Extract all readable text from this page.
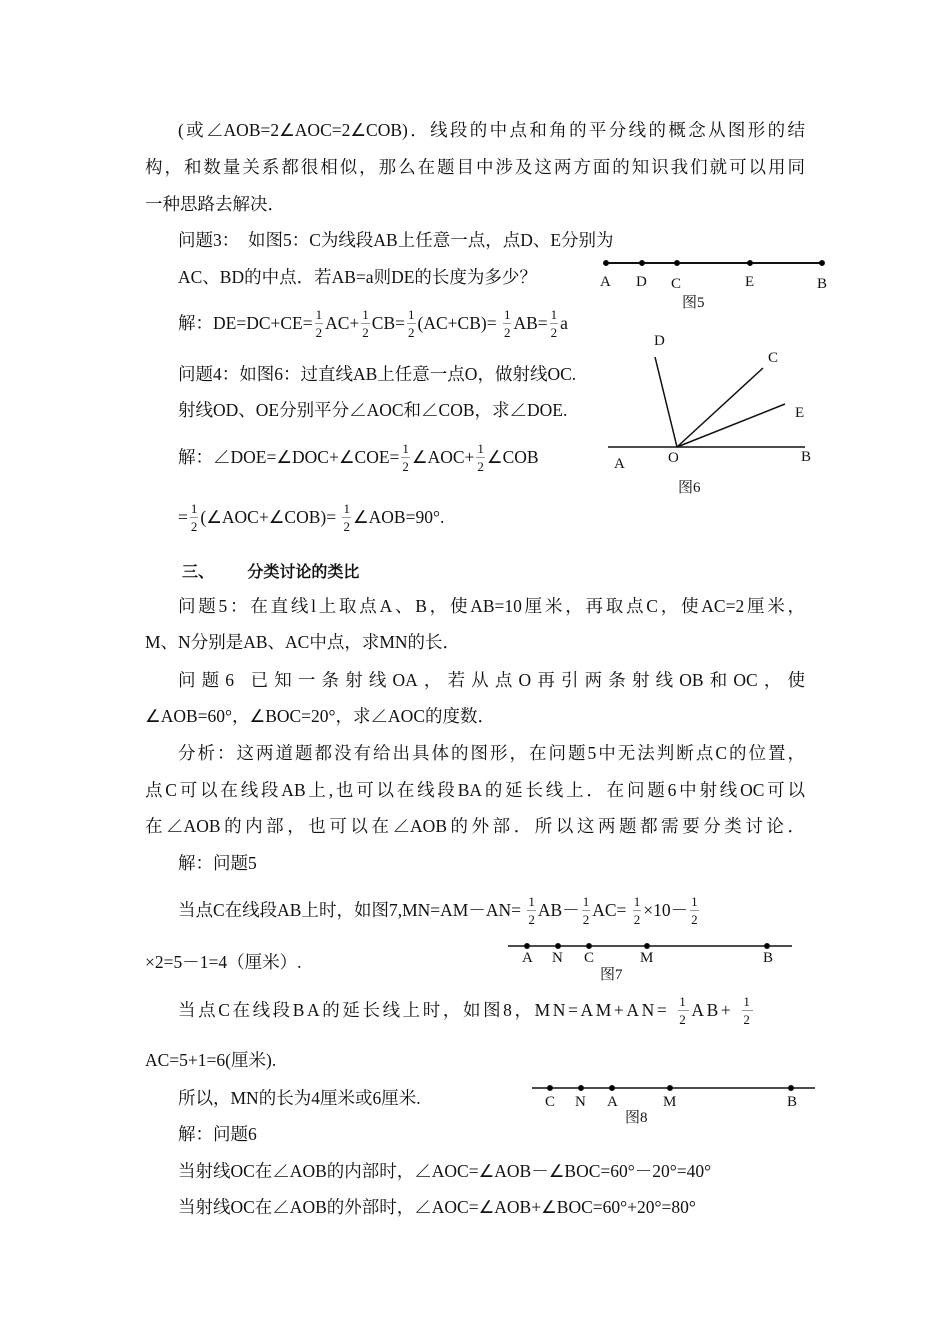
(或∠AOB=2∠AOC=2∠COB)．线段的中点和角的平分线的概念从图形的结
构，和数量关系都很相似，那么在题目中涉及这两方面的知识我们就可以用同
一种思路去解决．
问题3：  如图5：C为线段AB上任意一点，点D、E分别为
AC、BD的中点．若AB=a则DE的长度为多少？
解：$DE=DC+CE= \frac{1}{2} AC+ \frac{1}{2} CB= \frac{1}{2} (AC+CB)= \frac{1}{2} AB= \frac{1}{2}$ a
问题4：如图6：过直线AB上任意一点O，做射线OC.
射线OD、OE分别平分∠AOC和∠COB，求∠DOE.
解：∠DOE=∠DOC+∠COE= $\frac{1}{2}$ ∠AOC+ $\frac{1}{2}$ ∠COB
= $\frac{1}{2}$ (∠AOC+∠COB)= $\frac{1}{2}$ ∠AOB=90°.
三、      分类讨论的类比
问题5：在直线l上取点A、B，使AB=10厘米，再取点C，使AC=2厘米，
M、N分别是AB、AC中点，求MN的长．
问题6 已知一条射线OA，若从点O再引两条射线OB和OC，使
∠AOB=60°，∠BOC=20°，求∠AOC的度数．
分析：这两道题都没有给出具体的图形，在问题5中无法判断点C的位置，
点C可以在线段AB上,也可以在线段BA的延长线上．在问题6中射线OC可以
在∠AOB的内部，也可以在∠AOB的外部．所以这两题都需要分类讨论．
解：问题5
当点C在线段AB上时，如图$7,MN=AM-AN= \frac{1}{2} AB- \frac{1}{2} AC= \frac{1}{2} \times 10- \frac{1}{2}$
×2=5－1=4（厘米）.
当点C在线段BA的延长线上时，如图8，$MN=AM+AN= \frac{1}{2} AB+ \frac{1}{2}$
AC=5+1=6(厘米).
所以，MN的长为4厘米或6厘米.
解：问题6
当射线OC在∠AOB的内部时，∠AOC=∠AOB－∠BOC=60°－20°=40°
当射线OC在∠AOB的外部时，∠AOC=∠AOB+∠BOC=60°+20°=80°
A D C	E	B
图5
D
C
E
A	O	B
图6
A N C	M	B
图7
C N A	M	B
图8
